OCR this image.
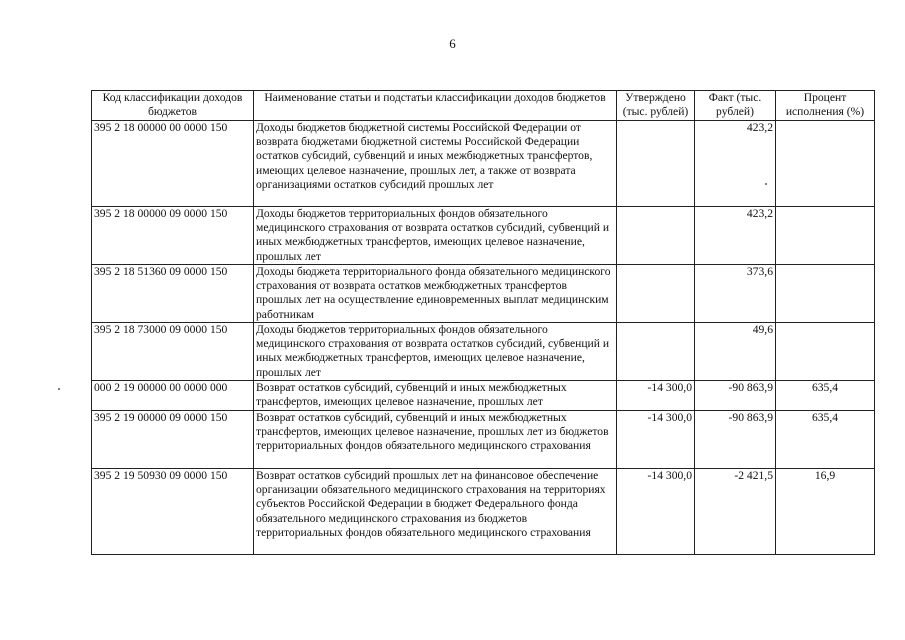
6
Код классификации доходов бюджетов	Наименование статьи и подстатьи классификации доходов бюджетов	Утверждено (тыс. рублей)	Факт (тыс. рублей)	Процент исполнения (%)
395 2 18 00000 00 0000 150	Доходы бюджетов бюджетной системы Российской Федерации от возврата бюджетами бюджетной системы Российской Федерации остатков субсидий, субвенций и иных межбюджетных трансфертов, имеющих целевое назначение, прошлых лет, а также от возврата организациями остатков субсидий прошлых лет		423,2	
395 2 18 00000 09 0000 150	Доходы бюджетов территориальных фондов обязательного медицинского страхования от возврата остатков субсидий, субвенций и иных межбюджетных трансфертов, имеющих целевое назначение, прошлых лет		423,2	
395 2 18 51360 09 0000 150	Доходы бюджета территориального фонда обязательного медицинского страхования от возврата остатков межбюджетных трансфертов прошлых лет на осуществление единовременных выплат медицинским работникам		373,6	
395 2 18 73000 09 0000 150	Доходы бюджетов территориальных фондов обязательного медицинского страхования от возврата остатков субсидий, субвенций и иных межбюджетных трансфертов, имеющих целевое назначение, прошлых лет		49,6	
000 2 19 00000 00 0000 000	Возврат остатков субсидий, субвенций и иных межбюджетных трансфертов, имеющих целевое назначение, прошлых лет	-14 300,0	-90 863,9	635,4
395 2 19 00000 09 0000 150	Возврат остатков субсидий, субвенций и иных межбюджетных трансфертов, имеющих целевое назначение, прошлых лет из бюджетов территориальных фондов обязательного медицинского страхования	-14 300,0	-90 863,9	635,4
395 2 19 50930 09 0000 150	Возврат остатков субсидий прошлых лет на финансовое обеспечение организации обязательного медицинского страхования на территориях субъектов Российской Федерации в бюджет Федерального фонда обязательного медицинского страхования из бюджетов территориальных фондов обязательного медицинского страхования	-14 300,0	-2 421,5	16,9
